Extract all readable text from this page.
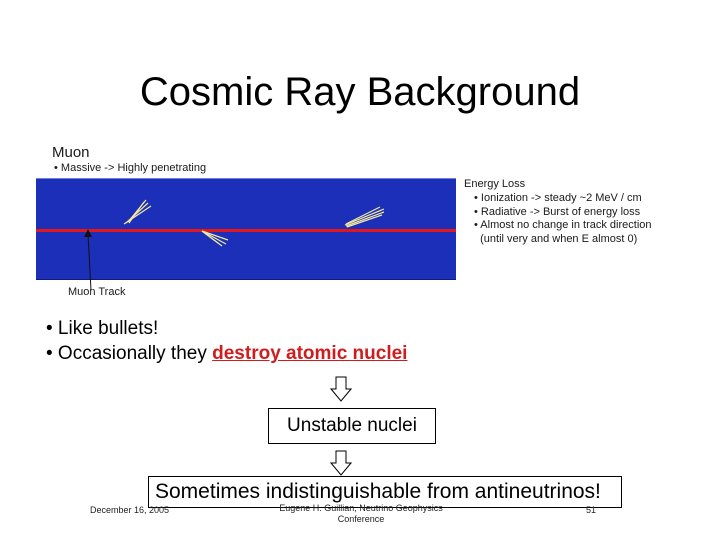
Cosmic Ray Background
Muon
• Massive -> Highly penetrating
Muon Track
Energy Loss
• Ionization -> steady ~2 MeV / cm
• Radiative -> Burst of energy loss
• Almost no change in track direction
(until very and when E almost 0)
• Like bullets!
• Occasionally they destroy atomic nuclei
Unstable nuclei
Sometimes indistinguishable from antineutrinos!
December 16, 2005	Eugene H. Guillian, Neutrino Geophysics
Conference
51
